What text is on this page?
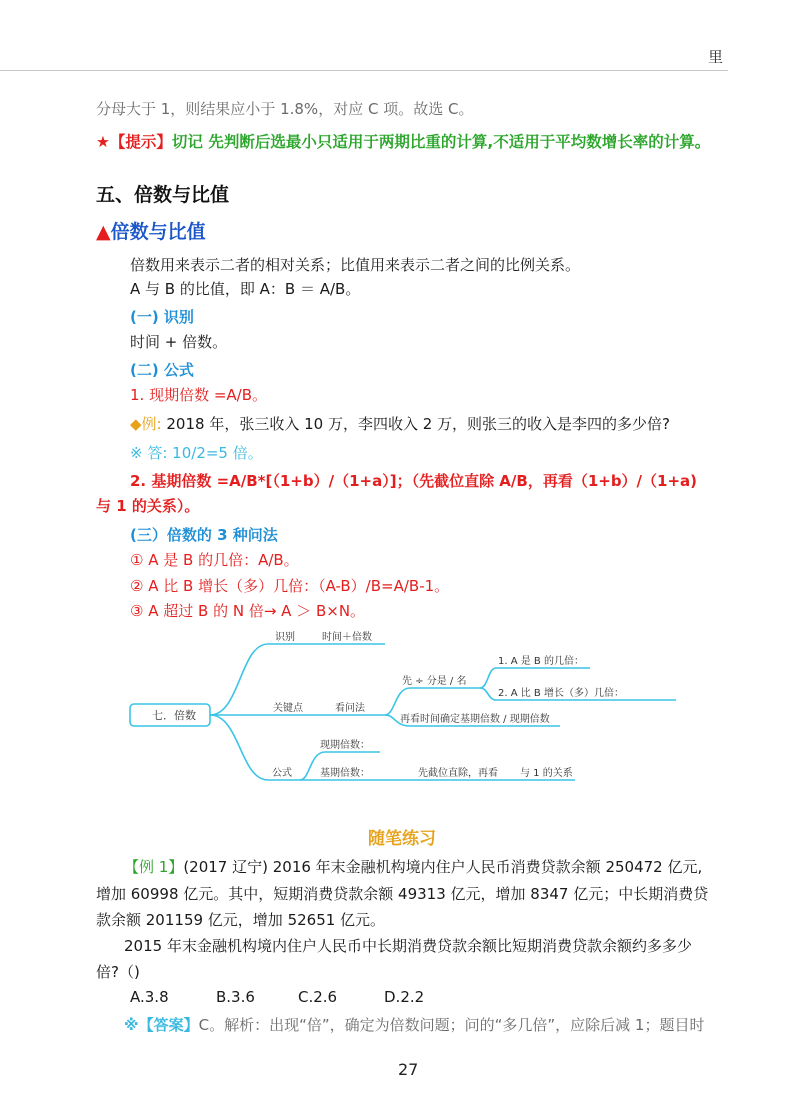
里
分母大于 1，则结果应小于 1.8%，对应 C 项。故选 C。
★【提示】切记 先判断后选最小只适用于两期比重的计算,不适用于平均数增长率的计算。
五、倍数与比值
▲倍数与比值
倍数用来表示二者的相对关系；比值用来表示二者之间的比例关系。
A 与 B 的比值，即 A：B ＝ A/B。
(一) 识别
时间 + 倍数。
(二) 公式
1. 现期倍数 =A/B。
◆例: 2018 年，张三收入 10 万，李四收入 2 万，则张三的收入是李四的多少倍?
※ 答: 10/2=5 倍。
2. 基期倍数 =A/B*[（1+b）/（1+a）]；（先截位直除 A/B，再看（1+b）/（1+a)
与 1 的关系）。
(三）倍数的 3 种问法
① A 是 B 的几倍：A/B。
② A 比 B 增长（多）几倍：（A-B）/B=A/B-1。
③ A 超过 B 的 N 倍→ A ＞ B×N。
七．倍数
识别	时间＋倍数
关键点	看问法
先 ÷ 分是 / 名
1. A 是 B 的几倍：
2. A 比 B 增长（多）几倍：
再看时间确定基期倍数 / 现期倍数
现期倍数：
公式	基期倍数：	先截位直除，再看 与 1 的关系
随笔练习
【例 1】(2017 辽宁) 2016 年末金融机构境内住户人民币消费贷款余额 250472 亿元,
增加 60998 亿元。其中，短期消费贷款余额 49313 亿元，增加 8347 亿元；中长期消费贷
款余额 201159 亿元，增加 52651 亿元。
2015 年末金融机构境内住户人民币中长期消费贷款余额比短期消费贷款余额约多多少
倍?（)
A.3.8	B.3.6	C.2.6	D.2.2
※【答案】C。解析：出现“倍”，确定为倍数问题；问的“多几倍”，应除后减 1；题目时
27
